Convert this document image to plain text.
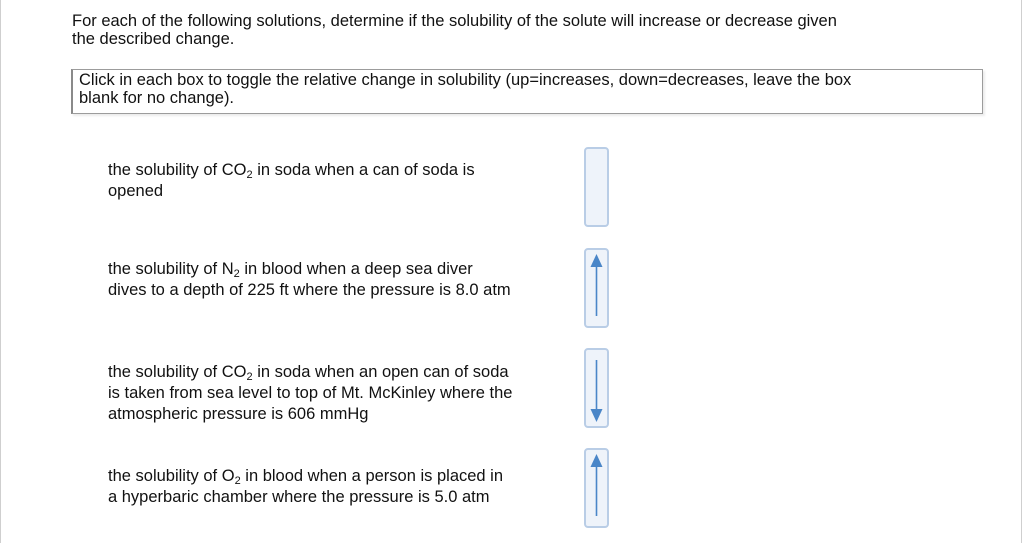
For each of the following solutions, determine if the solubility of the solute will increase or decrease given
the described change.
Click in each box to toggle the relative change in solubility (up=increases, down=decreases, leave the box
blank for no change).
the solubility of $CO_2$ in soda when a can of soda is
opened
the solubility of $N_2$ in blood when a deep sea diver
dives to a depth of 225 ft where the pressure is 8.0 atm
the solubility of $CO_2$ in soda when an open can of soda
is taken from sea level to top of Mt. McKinley where the
atmospheric pressure is 606 mmHg
the solubility of $O_2$ in blood when a person is placed in
a hyperbaric chamber where the pressure is 5.0 atm
